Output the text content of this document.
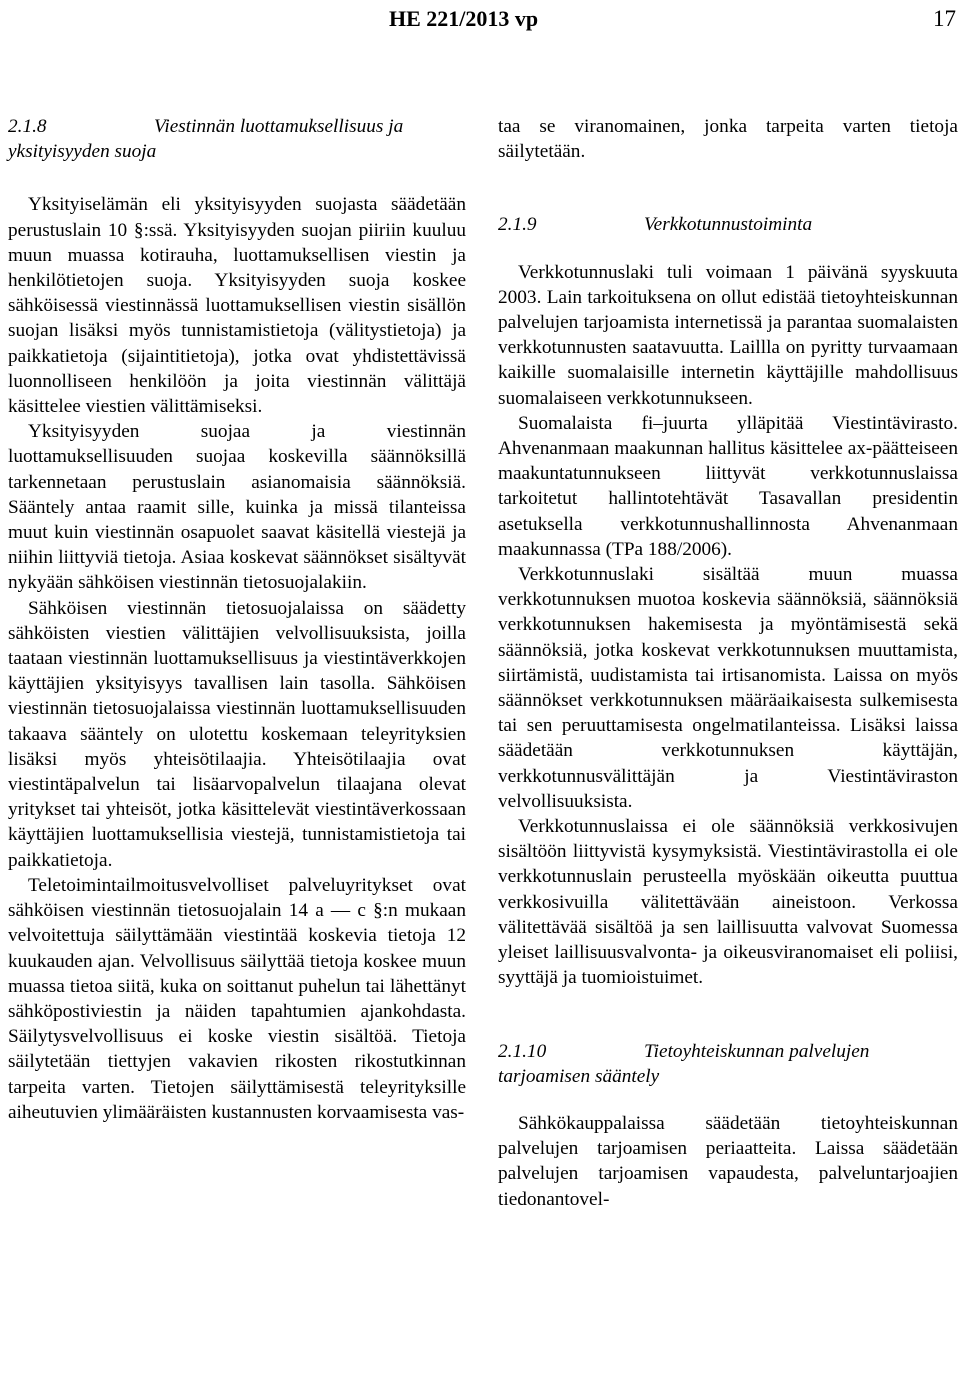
HE 221/2013 vp	17
2.1.8	Viestinnän luottamuksellisuus ja yksityisyyden suoja

Yksityiselämän eli yksityisyyden suojasta säädetään perustuslain 10 §:ssä. Yksityisyyden suojan piiriin kuuluu muun muassa kotirauha, luottamuksellisen viestin ja henkilötietojen suoja. Yksityisyyden suoja koskee sähköisessä viestinnässä luottamuksellisen viestin sisällön suojan lisäksi myös tunnistamistietoja (välitystietoja) ja paikkatietoja (sijaintitietoja), jotka ovat yhdistettävissä luonnolliseen henkilöön ja joita viestinnän välittäjä käsittelee viestien välittämiseksi.

Yksityisyyden suojaa ja viestinnän luottamuksellisuuden suojaa koskevilla säännöksillä tarkennetaan perustuslain asianomaisia säännöksiä. Sääntely antaa raamit sille, kuinka ja missä tilanteissa muut kuin viestinnän osapuolet saavat käsitellä viestejä ja niihin liittyviä tietoja. Asiaa koskevat säännökset sisältyvät nykyään sähköisen viestinnän tietosuojalakiin.

Sähköisen viestinnän tietosuojalaissa on säädetty sähköisten viestien välittäjien velvollisuuksista, joilla taataan viestinnän luottamuksellisuus ja viestintäverkkojen käyttäjien yksityisyys tavallisen lain tasolla. Sähköisen viestinnän tietosuojalaissa viestinnän luottamuksellisuuden takaava sääntely on ulotettu koskemaan teleyrityksien lisäksi myös yhteisötilaajia. Yhteisötilaajia ovat viestintäpalvelun tai lisäarvopalvelun tilaajana olevat yritykset tai yhteisöt, jotka käsittelevät viestintäverkossaan käyttäjien luottamuksellisia viestejä, tunnistamistietoja tai paikkatietoja.

Teletoimintailmoitusvelvolliset palveluyritykset ovat sähköisen viestinnän tietosuojalain 14 a — c §:n mukaan velvoitettuja säilyttämään viestintää koskevia tietoja 12 kuukauden ajan. Velvollisuus säilyttää tietoja koskee muun muassa tietoa siitä, kuka on soittanut puhelun tai lähettänyt sähköpostiviestin ja näiden tapahtumien ajankohdasta. Säilytysvelvollisuus ei koske viestin sisältöä. Tietoja säilytetään tiettyjen vakavien rikosten rikostutkinnan tarpeita varten. Tietojen säilyttämisestä teleyrityksille aiheutuvien ylimääräisten kustannusten korvaamisesta vas-

taa se viranomainen, jonka tarpeita varten tietoja säilytetään.

2.1.9	Verkkotunnustoiminta

Verkkotunnuslaki tuli voimaan 1 päivänä syyskuuta 2003. Lain tarkoituksena on ollut edistää tietoyhteiskunnan palvelujen tarjoamista internetissä ja parantaa suomalaisten verkkotunnusten saatavuutta. Laillla on pyritty turvaamaan kaikille suomalaisille internetin käyttäjille mahdollisuus suomalaiseen verkkotunnukseen.

Suomalaista fi‒juurta ylläpitää Viestintävirasto. Ahvenanmaan maakunnan hallitus käsittelee ax-päätteiseen maakuntatunnukseen liittyvät verkkotunnuslaissa tarkoitetut hallintotehtävät Tasavallan presidentin asetuksella verkkotunnushallinnosta Ahvenanmaan maakunnassa (TPa 188/2006).

Verkkotunnuslaki sisältää muun muassa verkkotunnuksen muotoa koskevia säännöksiä, säännöksiä verkkotunnuksen hakemisesta ja myöntämisestä sekä säännöksiä, jotka koskevat verkkotunnuksen muuttamista, siirtämistä, uudistamista tai irtisanomista. Laissa on myös säännökset verkkotunnuksen määräaikaisesta sulkemisesta tai sen peruuttamisesta ongelmatilanteissa. Lisäksi laissa säädetään verkkotunnuksen käyttäjän, verkkotunnusvälittäjän ja Viestintäviraston velvollisuuksista.

Verkkotunnuslaissa ei ole säännöksiä verkkosivujen sisältöön liittyvistä kysymyksistä. Viestintävirastolla ei ole verkkotunnuslain perusteella myöskään oikeutta puuttua verkkosivuilla välitettävään aineistoon. Verkossa välitettävää sisältöä ja sen laillisuutta valvovat Suomessa yleiset laillisuusvalvonta- ja oikeusviranomaiset eli poliisi, syyttäjä ja tuomioistuimet.

2.1.10	Tietoyhteiskunnan palvelujen tarjoamisen sääntely

Sähkökauppalaissa säädetään tietoyhteiskunnan palvelujen tarjoamisen periaatteita. Laissa säädetään palvelujen tarjoamisen vapaudesta, palveluntarjoajien tiedonantovel-
